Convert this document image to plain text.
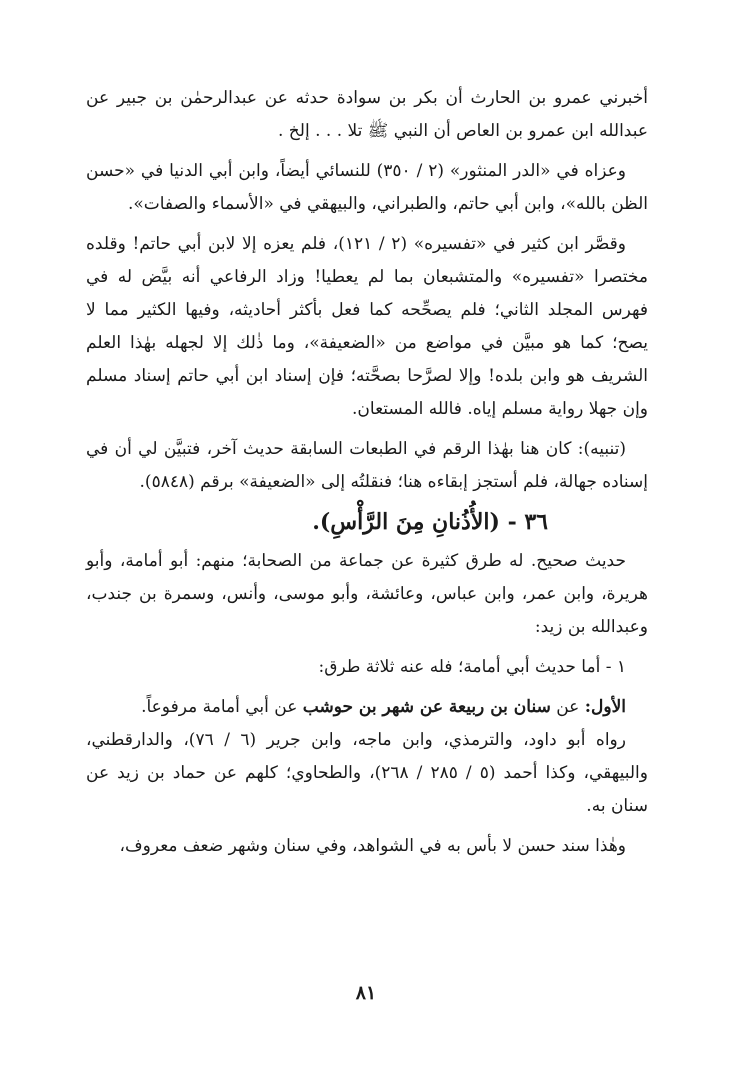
أخبرني عمرو بن الحارث أن بكر بن سوادة حدثه عن عبدالرحمٰن بن جبير عن عبدالله ابن عمرو بن العاص أن النبي ﷺ تلا . . . إلخ .

وعزاه في «الدر المنثور» (٢ / ٣٥٠) للنسائي أيضاً، وابن أبي الدنيا في «حسن الظن بالله»، وابن أبي حاتم، والطبراني، والبيهقي في «الأسماء والصفات».

وقصَّر ابن كثير في «تفسيره» (٢ / ١٢١)، فلم يعزه إلا لابن أبي حاتم! وقلده مختصرا «تفسيره» والمتشبعان بما لم يعطيا! وزاد الرفاعي أنه بيَّض له في فهرس المجلد الثاني؛ فلم يصحِّحه كما فعل بأكثر أحاديثه، وفيها الكثير مما لا يصح؛ كما هو مبيَّن في مواضع من «الضعيفة»، وما ذٰلك إلا لجهله بهٰذا العلم الشريف هو وابن بلده! وإلا لصرَّحا بصحَّته؛ فإن إسناد ابن أبي حاتم إسناد مسلم وإن جهلا رواية مسلم إياه. فالله المستعان.

(تنبيه): كان هنا بهٰذا الرقم في الطبعات السابقة حديث آخر، فتبيَّن لي أن في إسناده جهالة، فلم أستجز إبقاءه هنا؛ فنقلتُه إلى «الضعيفة» برقم (٥٨٤٨).

٣٦ - (الأُذُنانِ مِنَ الرَّأْسِ).

حديث صحيح. له طرق كثيرة عن جماعة من الصحابة؛ منهم: أبو أمامة، وأبو هريرة، وابن عمر، وابن عباس، وعائشة، وأبو موسى، وأنس، وسمرة بن جندب، وعبدالله بن زيد:

١ - أما حديث أبي أمامة؛ فله عنه ثلاثة طرق:

الأول: عن سنان بن ربيعة عن شهر بن حوشب عن أبي أمامة مرفوعاً.

رواه أبو داود، والترمذي، وابن ماجه، وابن جرير (٦ / ٧٦)، والدارقطني، والبيهقي، وكذا أحمد (٥ / ٢٨٥ / ٢٦٨)، والطحاوي؛ كلهم عن حماد بن زيد عن سنان به.

وهٰذا سند حسن لا بأس به في الشواهد، وفي سنان وشهر ضعف معروف،

٨١
